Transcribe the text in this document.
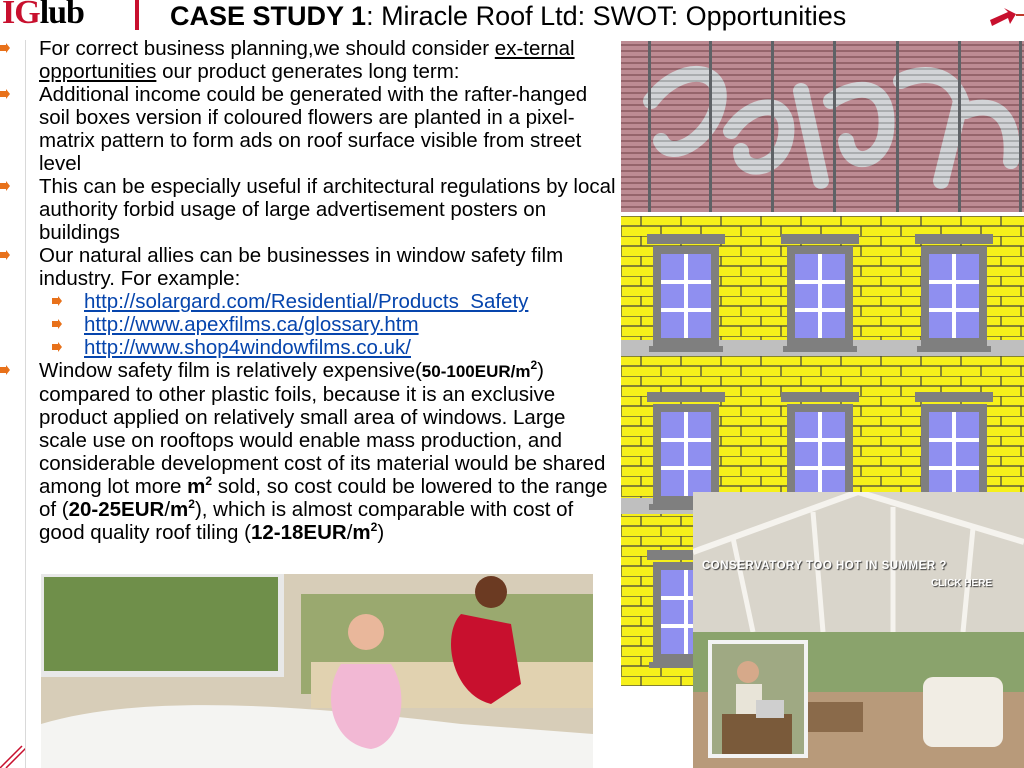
IGlub	CASE STUDY 1: Miracle Roof Ltd: SWOT: Opportunities
For correct business planning,we should consider ex-ternal opportunities our product generates long term:
Additional income could be generated with the rafter-hanged soil boxes version if coloured flowers are planted in a pixel-matrix pattern to form ads on roof surface visible from street level
This can be especially useful if architectural regulations by local authority forbid usage of large advertisement posters on buildings
Our natural allies can be businesses in window safety film industry. For example:
http://solargard.com/Residential/Products_Safety
http://www.apexfilms.ca/glossary.htm
http://www.shop4windowfilms.co.uk/
Window safety film is relatively $expensive(50-100EUR/m^2)$ compared to other plastic foils, because it is an exclusive product applied on relatively small area of windows. Large scale use on rooftops would enable mass production, and considerable development cost of its material would be shared among lot more $m^2$ sold, so cost could be lowered to the range of $(20-25EUR/m^2)$, which is almost comparable with cost of good quality roof tiling $(12-18EUR/m^2)$
CONSERVATORY TOO HOT IN SUMMER ?
CLICK HERE
